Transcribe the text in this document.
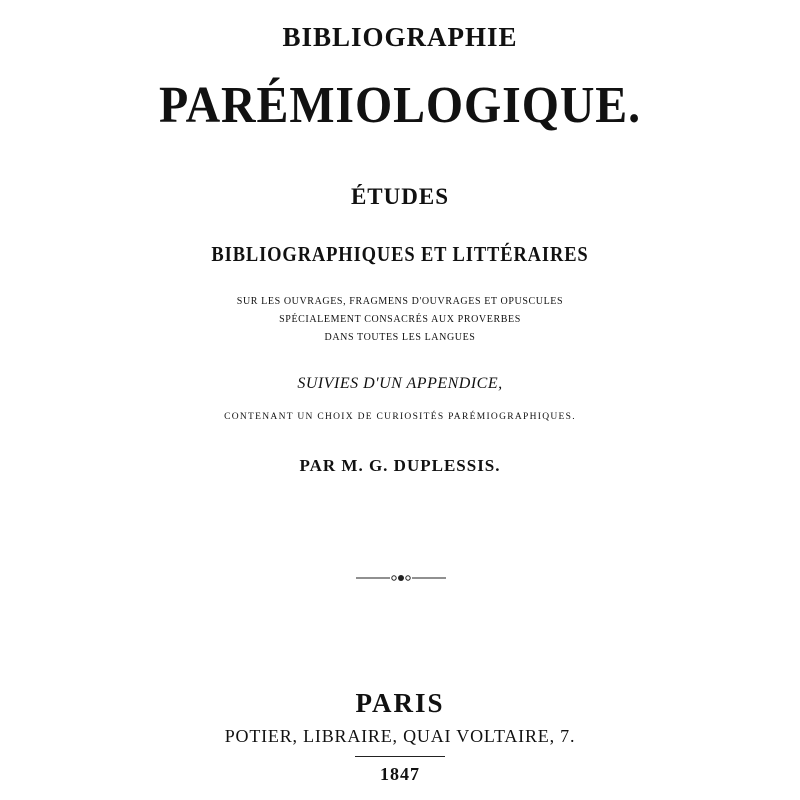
BIBLIOGRAPHIE
PARÉMIOLOGIQUE.
ÉTUDES
BIBLIOGRAPHIQUES ET LITTÉRAIRES
SUR LES OUVRAGES, FRAGMENS D'OUVRAGES ET OPUSCULES
SPÉCIALEMENT CONSACRÉS AUX PROVERBES
DANS TOUTES LES LANGUES
SUIVIES D'UN APPENDICE,
CONTENANT UN CHOIX DE CURIOSITÉS PARÉMIOGRAPHIQUES.
PAR M. G. DUPLESSIS.
PARIS
POTIER, LIBRAIRE, QUAI VOLTAIRE, 7.
1847
